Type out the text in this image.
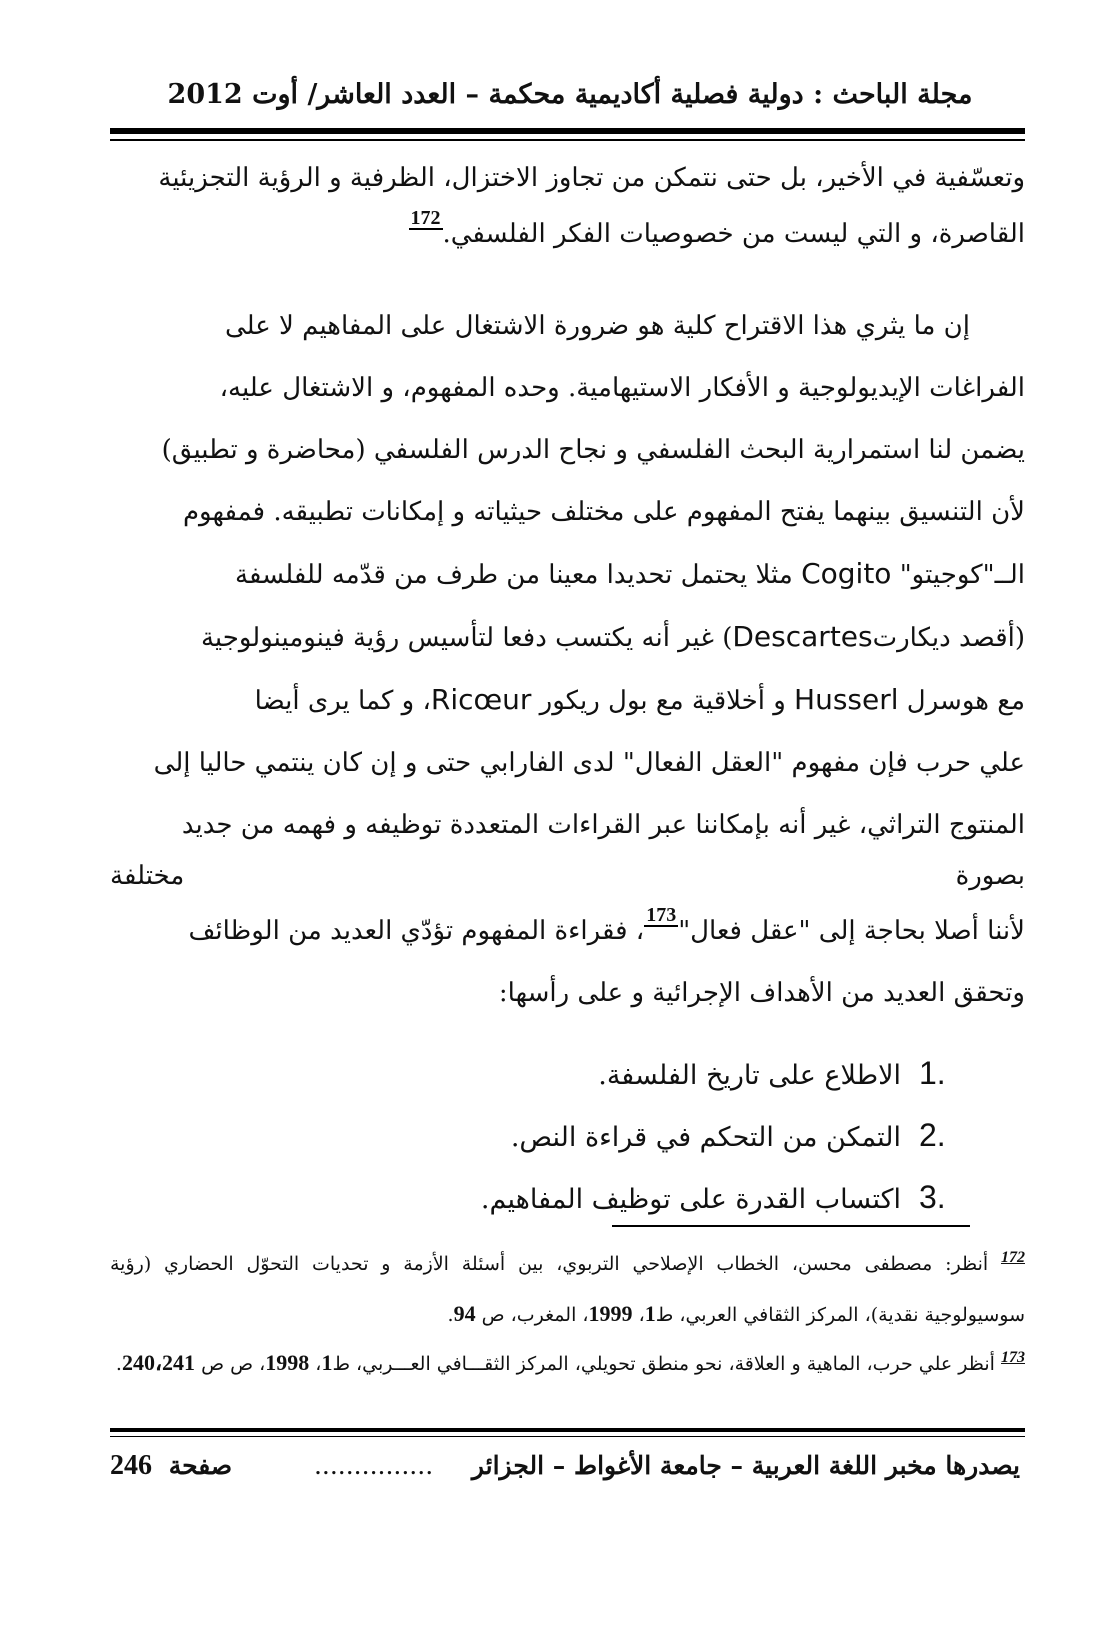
مجلة الباحث : دولية فصلية أكاديمية محكمة – العدد العاشر/ أوت 2012
وتعسّفية في الأخير، بل حتى نتمكن من تجاوز الاختزال، الظرفية و الرؤية التجزيئية
القاصرة، و التي ليست من خصوصيات الفكر الفلسفي.172
إن ما يثري هذا الاقتراح كلية هو ضرورة الاشتغال على المفاهيم لا على
الفراغات الإيديولوجية و الأفكار الاستيهامية. وحده المفهوم، و الاشتغال عليه،
يضمن لنا استمرارية البحث الفلسفي و نجاح الدرس الفلسفي (محاضرة و تطبيق)
لأن التنسيق بينهما يفتح المفهوم على مختلف حيثياته و إمكانات تطبيقه. فمفهوم
الــ"كوجيتو" Cogito مثلا يحتمل تحديدا معينا من طرف من قدّمه للفلسفة
(أقصد ديكارتDescartes) غير أنه يكتسب دفعا لتأسيس رؤية فينومينولوجية
مع هوسرل Husserl و أخلاقية مع بول ريكور Ricœur، و كما يرى أيضا
علي حرب فإن مفهوم "العقل الفعال" لدى الفارابي حتى و إن كان ينتمي حاليا إلى
المنتوج التراثي، غير أنه بإمكاننا عبر القراءات المتعددة توظيفه و فهمه من جديد
بصورة
مختلفة
لأننا أصلا بحاجة إلى "عقل فعال"173، فقراءة المفهوم تؤدّي العديد من الوظائف
وتحقق العديد من الأهداف الإجرائية و على رأسها:
1.
الاطلاع على تاريخ الفلسفة.
2.
التمكن من التحكم في قراءة النص.
3.
اكتساب القدرة على توظيف المفاهيم.
$^{172}$ أنظر: مصطفى محسن، الخطاب الإصلاحي التربوي، بين أسئلة الأزمة و تحديات التحوّل الحضاري (رؤية سوسيولوجية نقدية)، المركز الثقافي العربي، ط1، 1999، المغرب، ص 94.
$^{173}$ أنظر علي حرب، الماهية و العلاقة، نحو منطق تحويلي، المركز الثقـــافي العـــربي، ط1، 1998، ص ص 240،241.
يصدرها مخبر اللغة العربية – جامعة الأغواط – الجزائر ...............
صفحة 246
